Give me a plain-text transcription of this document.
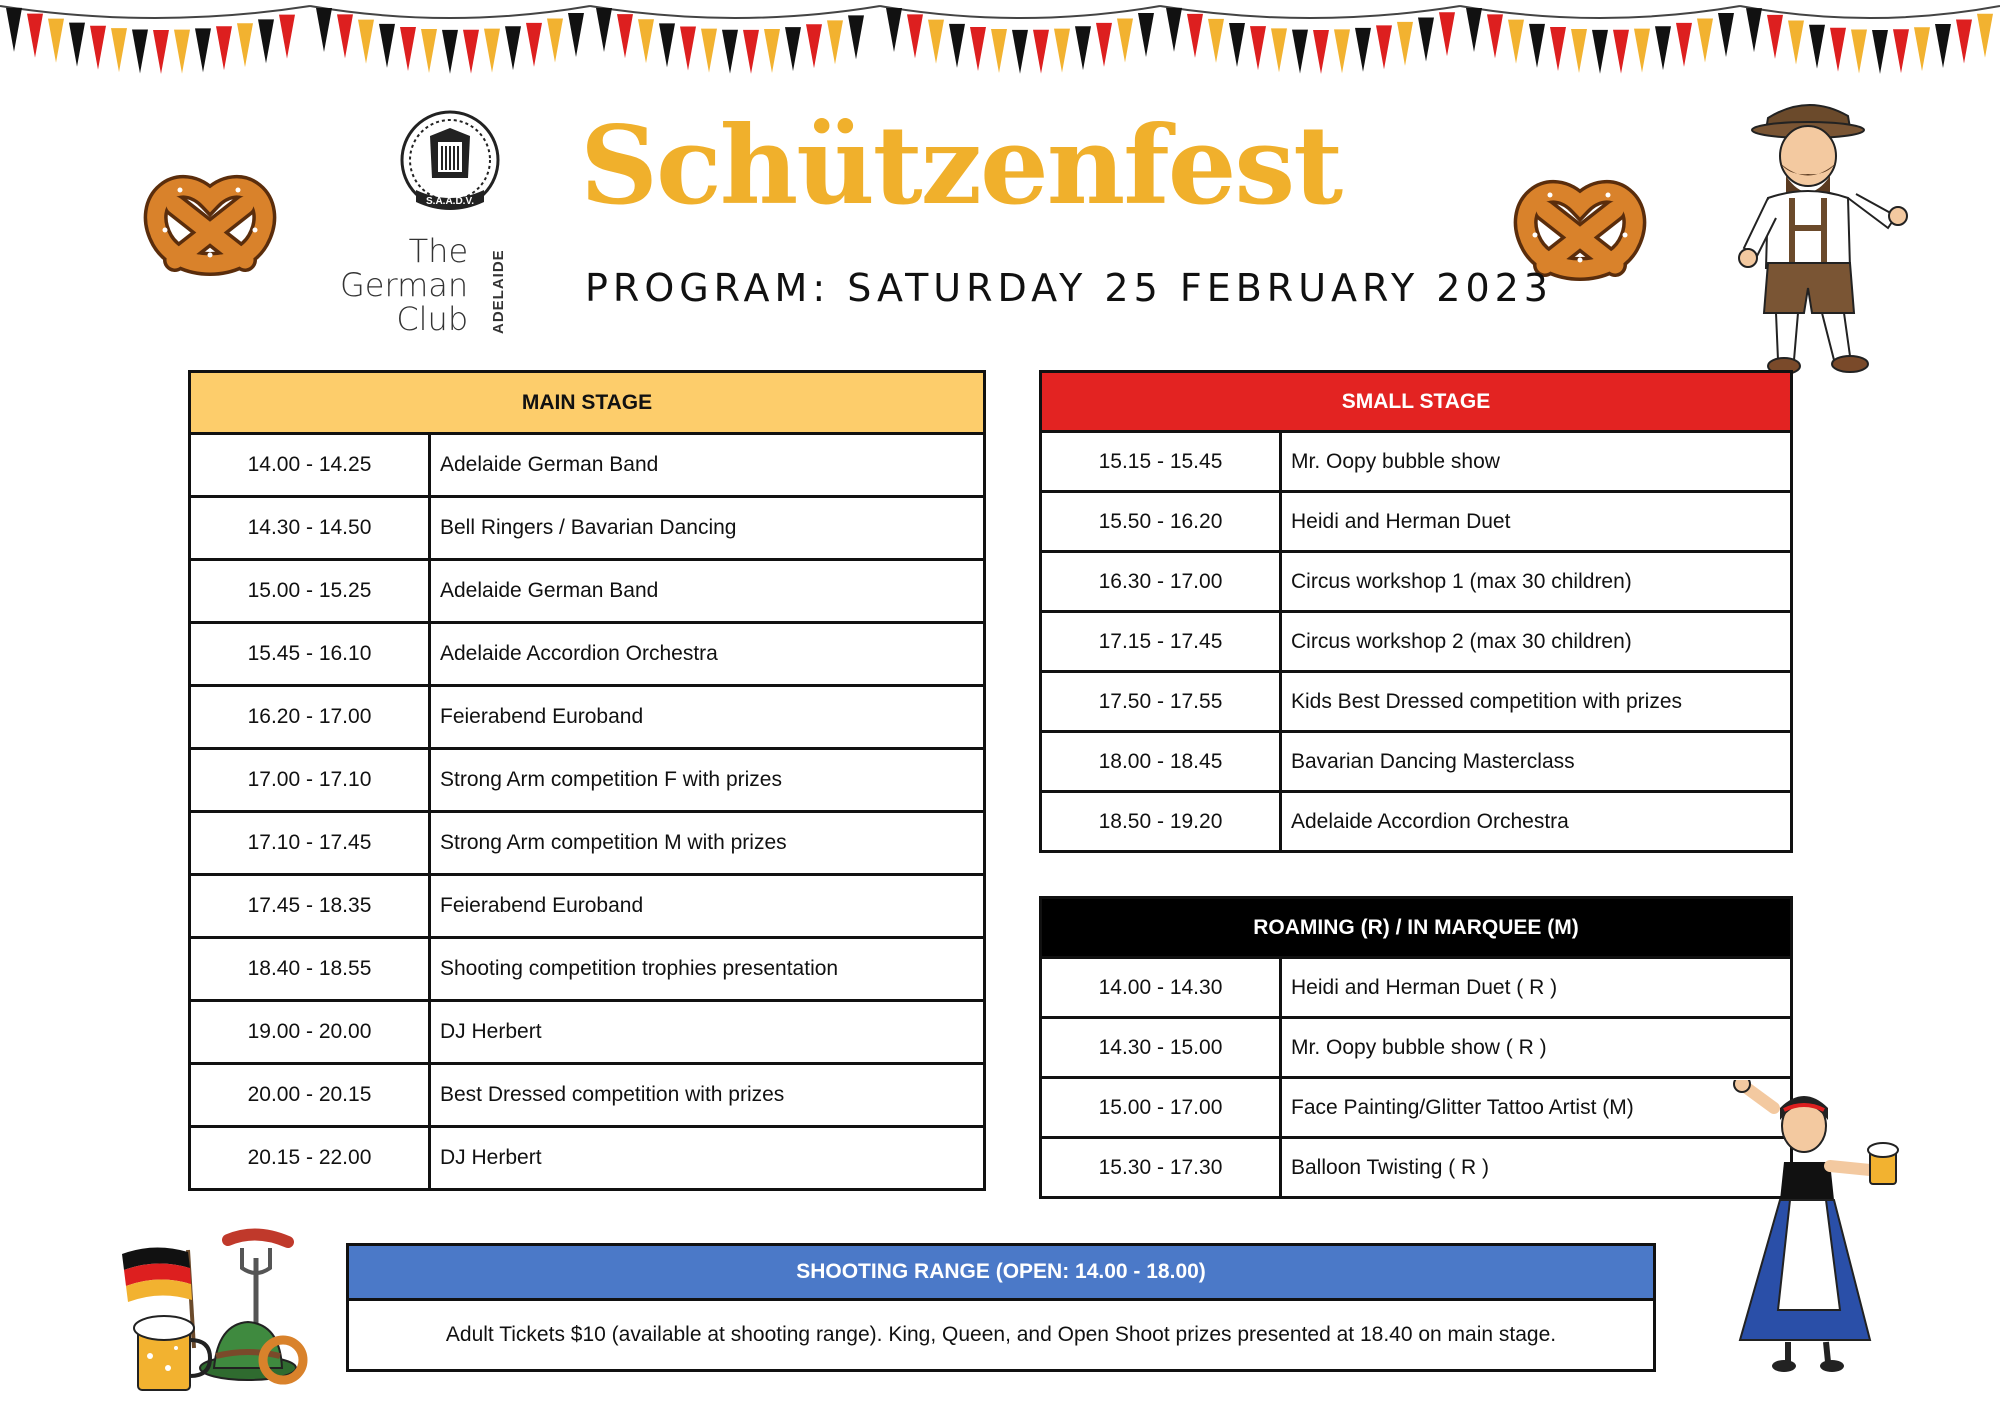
S.A.A.D.V.
The
German
Club ADELAIDE
Schützenfest
PROGRAM: SATURDAY 25 FEBRUARY 2023
MAIN STAGE	
14.00 - 14.25	Adelaide German Band
14.30 - 14.50	Bell Ringers / Bavarian Dancing
15.00 - 15.25	Adelaide German Band
15.45 - 16.10	Adelaide Accordion Orchestra
16.20 - 17.00	Feierabend Euroband
17.00 - 17.10	Strong Arm competition F with prizes
17.10 - 17.45	Strong Arm competition M with prizes
17.45 - 18.35	Feierabend Euroband
18.40 - 18.55	Shooting competition trophies presentation
19.00 - 20.00	DJ Herbert
20.00 - 20.15	Best Dressed competition with prizes
20.15 - 22.00	DJ Herbert
SMALL STAGE	
15.15 - 15.45	Mr. Oopy bubble show
15.50 - 16.20	Heidi and Herman Duet
16.30 - 17.00	Circus workshop 1 (max 30 children)
17.15 - 17.45	Circus workshop 2 (max 30 children)
17.50 - 17.55	Kids Best Dressed competition with prizes
18.00 - 18.45	Bavarian Dancing Masterclass
18.50 - 19.20	Adelaide Accordion Orchestra
ROAMING (R) / IN MARQUEE (M)	
14.00 - 14.30	Heidi and Herman Duet ( R )
14.30 - 15.00	Mr. Oopy bubble show ( R )
15.00 - 17.00	Face Painting/Glitter Tattoo Artist (M)
15.30 - 17.30	Balloon Twisting ( R )
SHOOTING RANGE (OPEN: 14.00 - 18.00)
Adult Tickets $10 (available at shooting range). King, Queen, and Open Shoot prizes presented at 18.40 on main stage.
